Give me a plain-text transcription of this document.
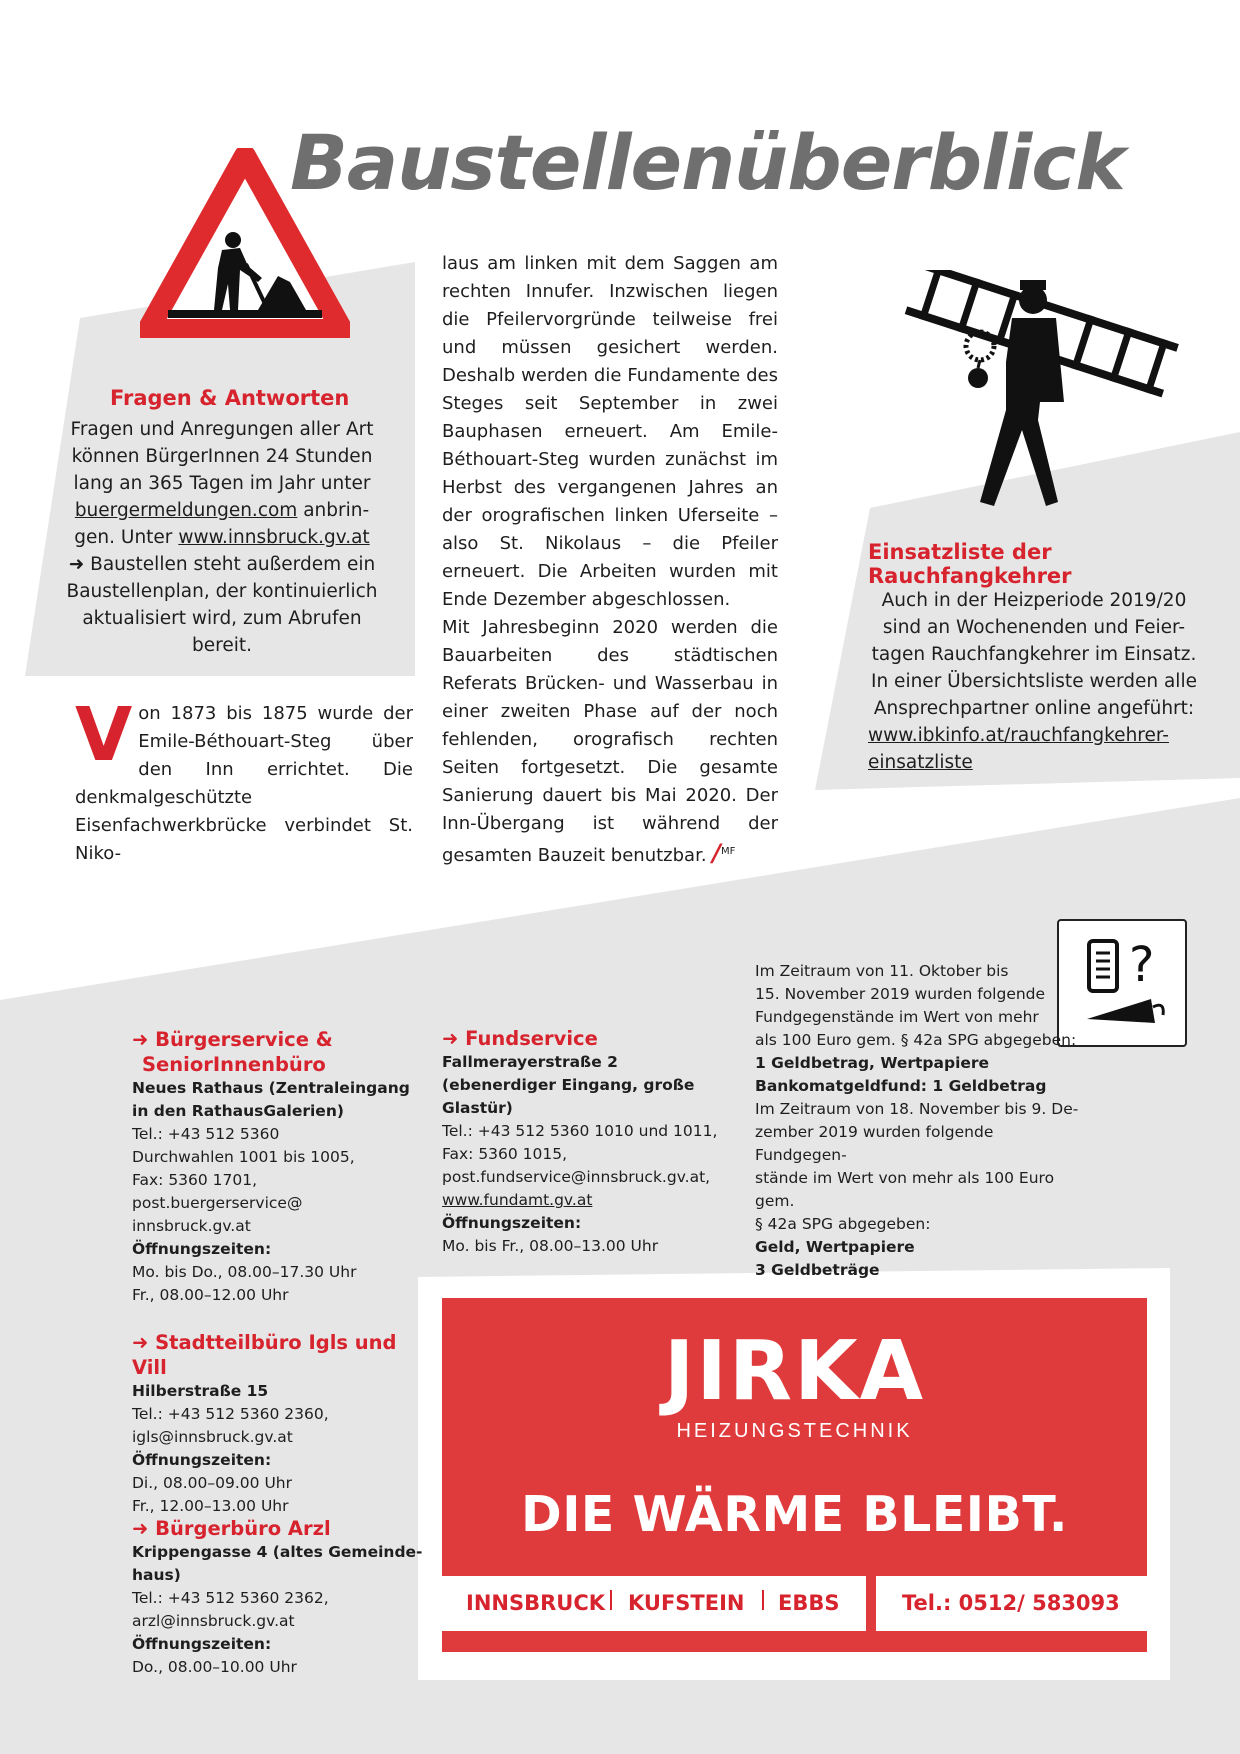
Baustellenüberblick
Fragen & Antworten
Fragen und Anregungen aller Art
können BürgerInnen 24 Stunden
lang an 365 Tagen im Jahr unter
buergermeldungen.com anbrin-
gen. Unter www.innsbruck.gv.at
➜ Baustellen steht außerdem ein
Baustellenplan, der kontinuierlich
aktualisiert wird, zum Abrufen bereit.
Von 1873 bis 1875 wurde der Emile-Béthouart-Steg über den Inn errichtet. Die denkmalgeschützte Eisenfachwerkbrücke verbindet St. Niko-
laus am linken mit dem Saggen am rechten Innufer. Inzwischen liegen die Pfeilervorgründe teilweise frei und müssen gesichert werden. Deshalb werden die Fundamente des Steges seit September in zwei Bauphasen erneuert. Am Emile-Béthouart-Steg wurden zunächst im Herbst des vergangenen Jahres an der orografischen linken Uferseite – also St. Nikolaus – die Pfeiler erneuert. Die Arbeiten wurden mit Ende Dezember abgeschlossen.
Mit Jahresbeginn 2020 werden die Bauarbeiten des städtischen Referats Brücken- und Wasserbau in einer zweiten Phase auf der noch fehlenden, orografisch rechten Seiten fortgesetzt. Die gesamte Sanierung dauert bis Mai 2020. Der Inn-Übergang ist während der gesamten Bauzeit benutzbar. /$^{MF}$
Einsatzliste der
Rauchfangkehrer
Auch in der Heizperiode 2019/20
sind an Wochenenden und Feier-
tagen Rauchfangkehrer im Einsatz.
In einer Übersichtsliste werden alle
Ansprechpartner online angeführt:
www.ibkinfo.at/rauchfangkehrer-
einsatzliste
?
Im Zeitraum von 11. Oktober bis
15. November 2019 wurden folgende
Fundgegenstände im Wert von mehr
als 100 Euro gem. § 42a SPG abgegeben:
1 Geldbetrag, Wertpapiere
Bankomatgeldfund: 1 Geldbetrag
Im Zeitraum von 18. November bis 9. De-
zember 2019 wurden folgende Fundgegen-
stände im Wert von mehr als 100 Euro gem.
§ 42a SPG abgegeben:
Geld, Wertpapiere
3 Geldbeträge
➜ Bürgerservice &
SeniorInnenbüro
Neues Rathaus (Zentraleingang
in den RathausGalerien)
Tel.: +43 512 5360
Durchwahlen 1001 bis 1005,
Fax: 5360 1701,
post.buergerservice@
innsbruck.gv.at
Öffnungszeiten:
Mo. bis Do., 08.00–17.30 Uhr
Fr., 08.00–12.00 Uhr
➜ Stadtteilbüro Igls und Vill
Hilberstraße 15
Tel.: +43 512 5360 2360,
igls@innsbruck.gv.at
Öffnungszeiten:
Di., 08.00–09.00 Uhr
Fr., 12.00–13.00 Uhr
➜ Bürgerbüro Arzl
Krippengasse 4 (altes Gemeinde-
haus)
Tel.: +43 512 5360 2362,
arzl@innsbruck.gv.at
Öffnungszeiten:
Do., 08.00–10.00 Uhr
➜ Fundservice
Fallmerayerstraße 2
(ebenerdiger Eingang, große Glastür)
Tel.: +43 512 5360 1010 und 1011,
Fax: 5360 1015,
post.fundservice@innsbruck.gv.at,
www.fundamt.gv.at
Öffnungszeiten:
Mo. bis Fr., 08.00–13.00 Uhr
JIRKA
HEIZUNGSTECHNIK
DIE WÄRME BLEIBT.
INNSBRUCK KUFSTEIN EBBS	Tel.: 0512/ 583093
